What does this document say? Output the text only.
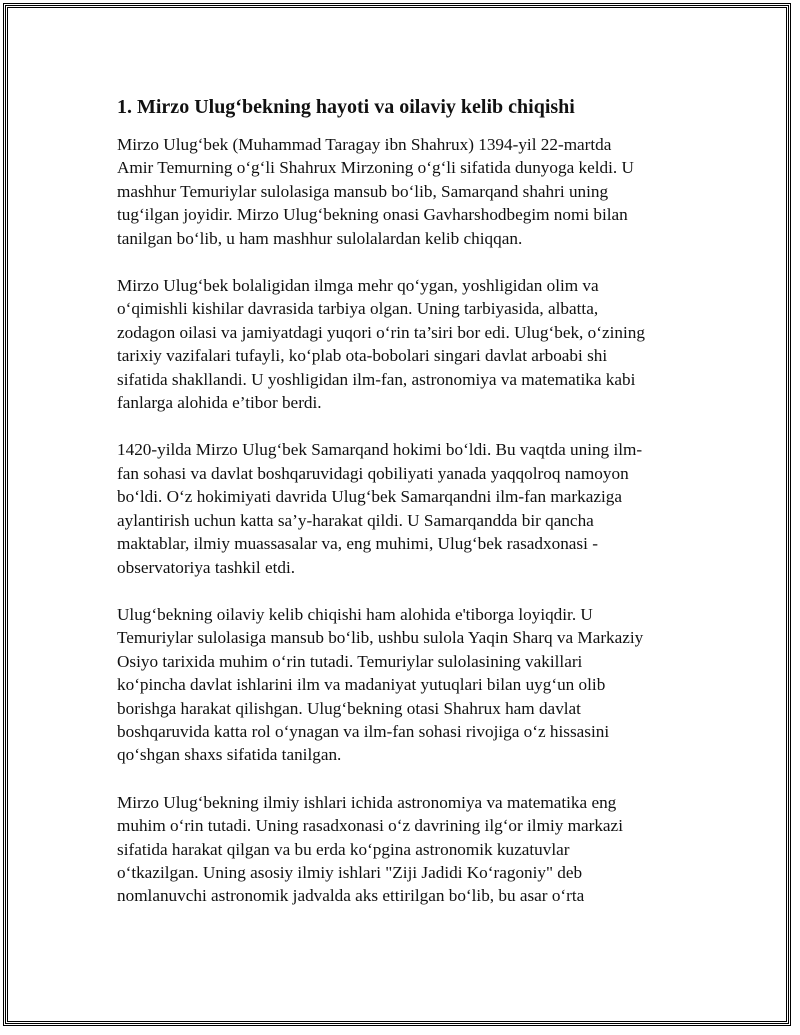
1. Mirzo Ulug‘bekning hayoti va oilaviy kelib chiqishi

Mirzo Ulug‘bek (Muhammad Taragay ibn Shahrux) 1394-yil 22-martda
Amir Temurning o‘g‘li Shahrux Mirzoning o‘g‘li sifatida dunyoga keldi. U
mashhur Temuriylar sulolasiga mansub bo‘lib, Samarqand shahri uning
tug‘ilgan joyidir. Mirzo Ulug‘bekning onasi Gavharshodbegim nomi bilan
tanilgan bo‘lib, u ham mashhur sulolalardan kelib chiqqan.

Mirzo Ulug‘bek bolaligidan ilmga mehr qo‘ygan, yoshligidan olim va
o‘qimishli kishilar davrasida tarbiya olgan. Uning tarbiyasida, albatta,
zodagon oilasi va jamiyatdagi yuqori o‘rin ta’siri bor edi. Ulug‘bek, o‘zining
tarixiy vazifalari tufayli, ko‘plab ota-bobolari singari davlat arboabi shi
sifatida shakllandi. U yoshligidan ilm-fan, astronomiya va matematika kabi
fanlarga alohida e’tibor berdi.

1420-yilda Mirzo Ulug‘bek Samarqand hokimi bo‘ldi. Bu vaqtda uning ilm-
fan sohasi va davlat boshqaruvidagi qobiliyati yanada yaqqolroq namoyon
bo‘ldi. O‘z hokimiyati davrida Ulug‘bek Samarqandni ilm-fan markaziga
aylantirish uchun katta sa’y-harakat qildi. U Samarqandda bir qancha
maktablar, ilmiy muassasalar va, eng muhimi, Ulug‘bek rasadxonasi -
observatoriya tashkil etdi.

Ulug‘bekning oilaviy kelib chiqishi ham alohida e'tiborga loyiqdir. U
Temuriylar sulolasiga mansub bo‘lib, ushbu sulola Yaqin Sharq va Markaziy
Osiyo tarixida muhim o‘rin tutadi. Temuriylar sulolasining vakillari
ko‘pincha davlat ishlarini ilm va madaniyat yutuqlari bilan uyg‘un olib
borishga harakat qilishgan. Ulug‘bekning otasi Shahrux ham davlat
boshqaruvida katta rol o‘ynagan va ilm-fan sohasi rivojiga o‘z hissasini
qo‘shgan shaxs sifatida tanilgan.

Mirzo Ulug‘bekning ilmiy ishlari ichida astronomiya va matematika eng
muhim o‘rin tutadi. Uning rasadxonasi o‘z davrining ilg‘or ilmiy markazi
sifatida harakat qilgan va bu erda ko‘pgina astronomik kuzatuvlar
o‘tkazilgan. Uning asosiy ilmiy ishlari "Ziji Jadidi Ko‘ragoniy" deb
nomlanuvchi astronomik jadvalda aks ettirilgan bo‘lib, bu asar o‘rta
